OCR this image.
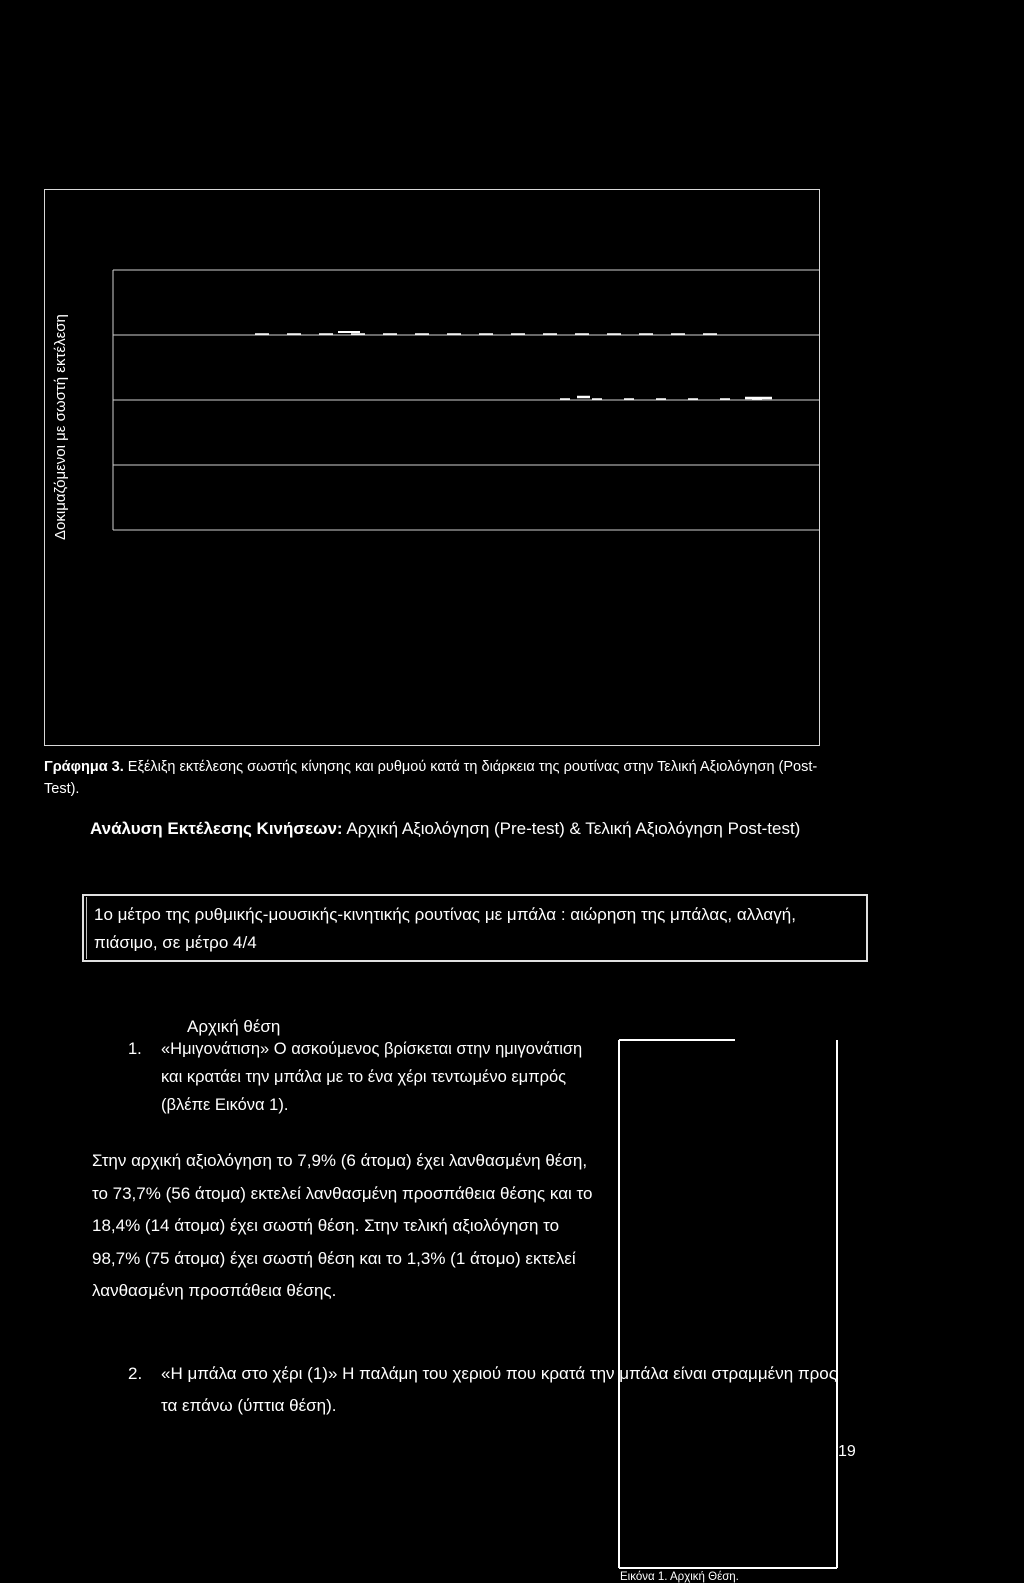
Δοκιμαζόμενοι με σωστή εκτέλεση
Γράφημα 3. Εξέλιξη εκτέλεσης σωστής κίνησης και ρυθμού κατά τη διάρκεια της ρουτίνας στην Τελική Αξιολόγηση (Post-Test).
Ανάλυση Εκτέλεσης Κινήσεων: Αρχική Αξιολόγηση (Pre-test) & Τελική Αξιολόγηση Post-test)
1ο μέτρο της ρυθμικής-μουσικής-κινητικής ρουτίνας με μπάλα : αιώρηση της μπάλας, αλλαγή, πιάσιμο, σε μέτρο 4/4
Αρχική θέση
1. «Ημιγονάτιση» Ο ασκούμενος βρίσκεται στην ημιγονάτιση και κρατάει την μπάλα με το ένα χέρι τεντωμένο εμπρός (βλέπε Εικόνα 1).
Στην αρχική αξιολόγηση το 7,9% (6 άτομα) έχει λανθασμένη θέση, το 73,7% (56 άτομα) εκτελεί λανθασμένη προσπάθεια θέσης και το 18,4% (14 άτομα) έχει σωστή θέση. Στην τελική αξιολόγηση το 98,7% (75 άτομα) έχει σωστή θέση και το 1,3% (1 άτομο) εκτελεί λανθασμένη προσπάθεια θέσης.
Εικόνα 1. Αρχική Θέση.
2. «Η μπάλα στο χέρι (1)» Η παλάμη του χεριού που κρατά την μπάλα είναι στραμμένη προς τα επάνω (ύπτια θέση).
19
